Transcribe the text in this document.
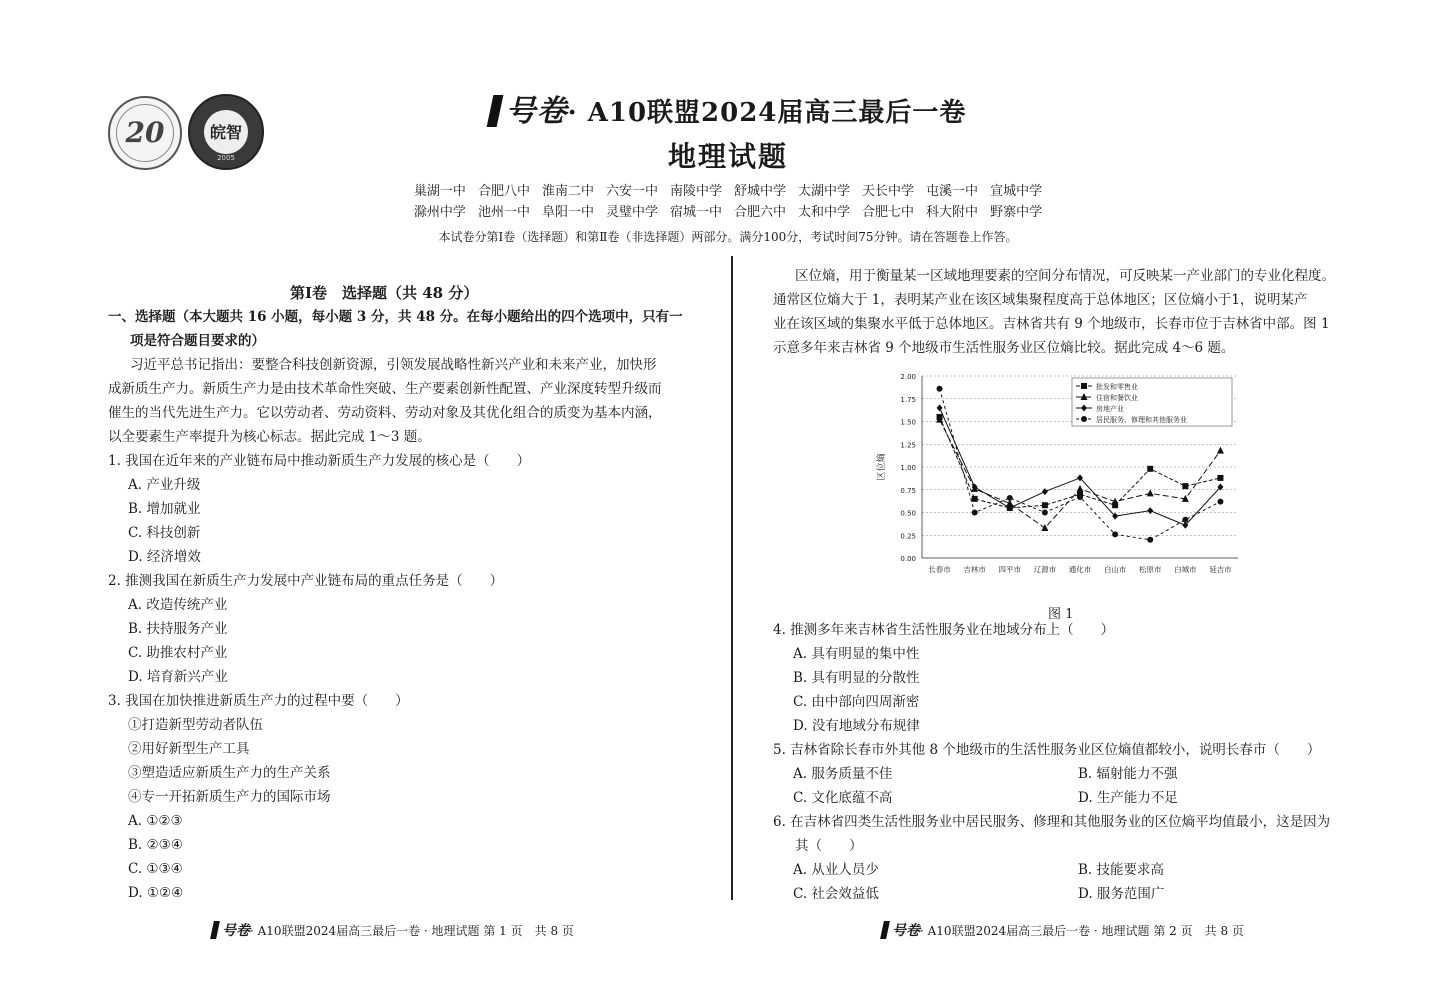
20	皖智
2005
号卷· A10联盟2024届高三最后一卷
地理试题
巢湖一中 合肥八中 淮南二中 六安一中 南陵中学 舒城中学 太湖中学 天长中学 屯溪一中 宣城中学
滁州中学 池州一中 阜阳一中 灵璧中学 宿城一中 合肥六中 太和中学 合肥七中 科大附中 野寨中学
本试卷分第Ⅰ卷（选择题）和第Ⅱ卷（非选择题）两部分。满分100分，考试时间75分钟。请在答题卷上作答。
第Ⅰ卷　选择题（共 48 分）
一、选择题（本大题共 16 小题，每小题 3 分，共 48 分。在每小题给出的四个选项中，只有一
项是符合题目要求的）
习近平总书记指出：要整合科技创新资源，引领发展战略性新兴产业和未来产业，加快形
成新质生产力。新质生产力是由技术革命性突破、生产要素创新性配置、产业深度转型升级而
催生的当代先进生产力。它以劳动者、劳动资料、劳动对象及其优化组合的质变为基本内涵，
以全要素生产率提升为核心标志。据此完成 1～3 题。
1. 我国在近年来的产业链布局中推动新质生产力发展的核心是（　　）
A. 产业升级
B. 增加就业
C. 科技创新
D. 经济增效
2. 推测我国在新质生产力发展中产业链布局的重点任务是（　　）
A. 改造传统产业
B. 扶持服务产业
C. 助推农村产业
D. 培育新兴产业
3. 我国在加快推进新质生产力的过程中要（　　）
①打造新型劳动者队伍
②用好新型生产工具
③塑造适应新质生产力的生产关系
④专一开拓新质生产力的国际市场
A. ①②③
B. ②③④
C. ①③④
D. ①②④
区位熵，用于衡量某一区域地理要素的空间分布情况，可反映某一产业部门的专业化程度。
通常区位熵大于 1，表明某产业在该区域集聚程度高于总体地区；区位熵小于1，说明某产
业在该区域的集聚水平低于总体地区。吉林省共有 9 个地级市，长春市位于吉林省中部。图 1
示意多年来吉林省 9 个地级市生活性服务业区位熵比较。据此完成 4～6 题。
0.00
0.25
0.50
0.75
1.00
1.25
1.50
1.75
2.00
区位熵
长春市 吉林市 四平市 辽源市 通化市 白山市 松原市 白城市 延吉市
批发和零售业
住宿和餐饮业
房地产业
居民服务、修理和其他服务业
图 1
4. 推测多年来吉林省生活性服务业在地域分布上（　　）
A. 具有明显的集中性
B. 具有明显的分散性
C. 由中部向四周渐密
D. 没有地域分布规律
5. 吉林省除长春市外其他 8 个地级市的生活性服务业区位熵值都较小，说明长春市（　　）
A. 服务质量不佳	B. 辐射能力不强
C. 文化底蕴不高	D. 生产能力不足
6. 在吉林省四类生活性服务业中居民服务、修理和其他服务业的区位熵平均值最小，这是因为
其（　　）
A. 从业人员少	B. 技能要求高
C. 社会效益低	D. 服务范围广
号卷· A10联盟2024届高三最后一卷 · 地理试题 第 1 页　共 8 页	号卷· A10联盟2024届高三最后一卷 · 地理试题 第 2 页　共 8 页
